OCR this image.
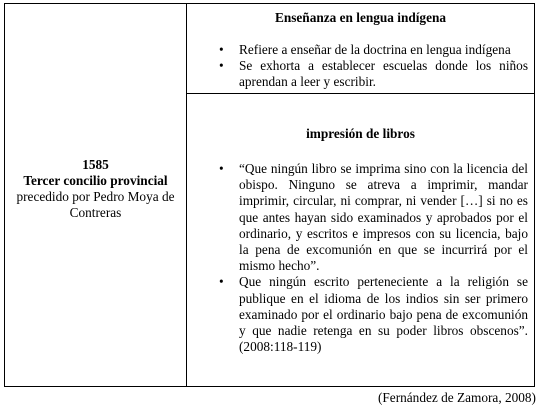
1585
Tercer concilio provincial
precedido por Pedro Moya de
Contreras
Enseñanza en lengua indígena
• Refiere a enseñar de la doctrina en lengua indígena
• Se exhorta a establecer escuelas donde los niños aprendan a leer y escribir.
impresión de libros
• “Que ningún libro se imprima sino con la licencia del obispo. Ninguno se atreva a imprimir, mandar imprimir, circular, ni comprar, ni vender […] si no es que antes hayan sido examinados y aprobados por el ordinario, y escritos e impresos con su licencia, bajo la pena de excomunión en que se incurrirá por el mismo hecho”.
• Que ningún escrito perteneciente a la religión se publique en el idioma de los indios sin ser primero examinado por el ordinario bajo pena de excomunión y que nadie retenga en su poder libros obscenos”. (2008:118-119)
(Fernández de Zamora, 2008)
